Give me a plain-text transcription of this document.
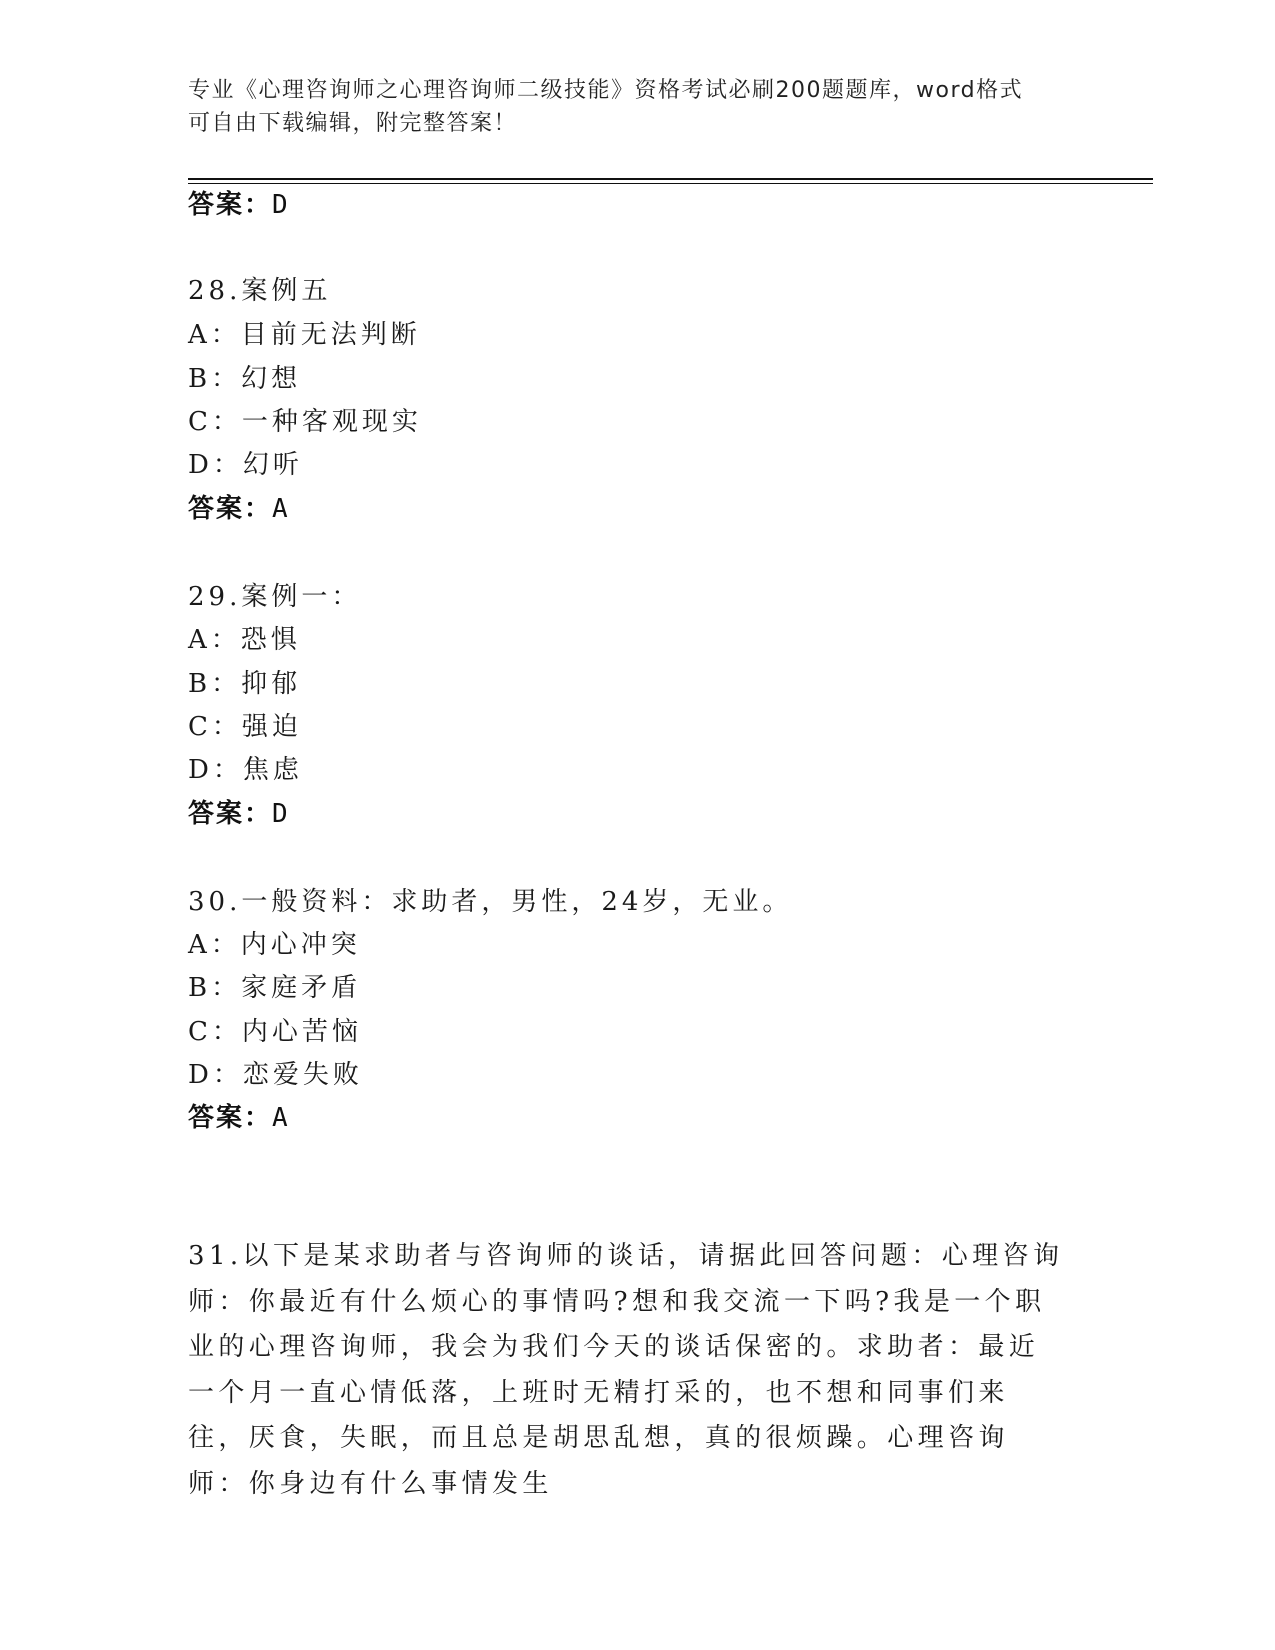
专业《心理咨询师之心理咨询师二级技能》资格考试必刷200题题库，word格式
可自由下载编辑，附完整答案！
答案：D
28.案例五
A：目前无法判断
B：幻想
C：一种客观现实
D：幻听
答案：A
29.案例一：
A：恐惧
B：抑郁
C：强迫
D：焦虑
答案：D
30.一般资料：求助者，男性，24岁，无业。
A：内心冲突
B：家庭矛盾
C：内心苦恼
D：恋爱失败
答案：A
31.以下是某求助者与咨询师的谈话，请据此回答问题：心理咨询师：你最近有什么烦心的事情吗?想和我交流一下吗?我是一个职业的心理咨询师，我会为我们今天的谈话保密的。求助者：最近一个月一直心情低落，上班时无精打采的，也不想和同事们来往，厌食，失眠，而且总是胡思乱想，真的很烦躁。心理咨询师：你身边有什么事情发生
